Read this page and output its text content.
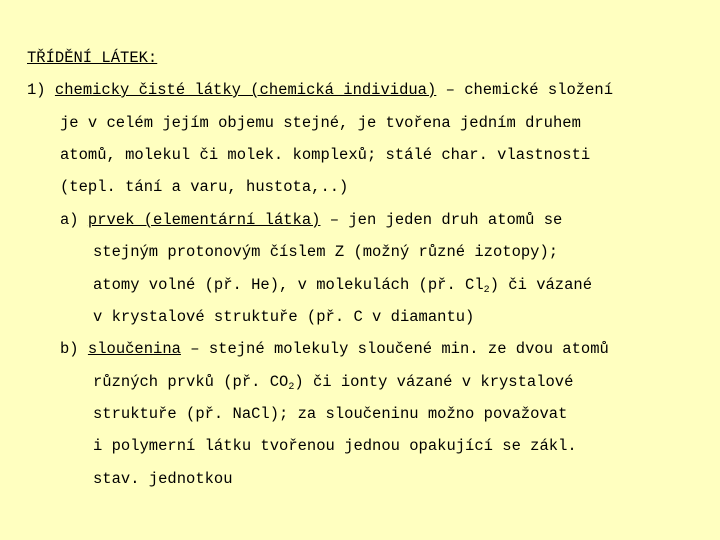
TŘÍDĚNÍ LÁTEK:
1) chemicky čisté látky (chemická individua) – chemické složení
je v celém jejím objemu stejné, je tvořena jedním druhem
atomů, molekul či molek. komplexů; stálé char. vlastnosti
(tepl. tání a varu, hustota,..)
a) prvek (elementární látka) – jen jeden druh atomů se
stejným protonovým číslem Z (možný různé izotopy);
atomy volné (př. He), v molekulách (př. $Cl_2$) či vázané
v krystalové struktuře (př. C v diamantu)
b) sloučenina – stejné molekuly sloučené min. ze dvou atomů
různých prvků (př. $CO_2$) či ionty vázané v krystalové
struktuře (př. NaCl); za sloučeninu možno považovat
i polymerní látku tvořenou jednou opakující se zákl.
stav. jednotkou
